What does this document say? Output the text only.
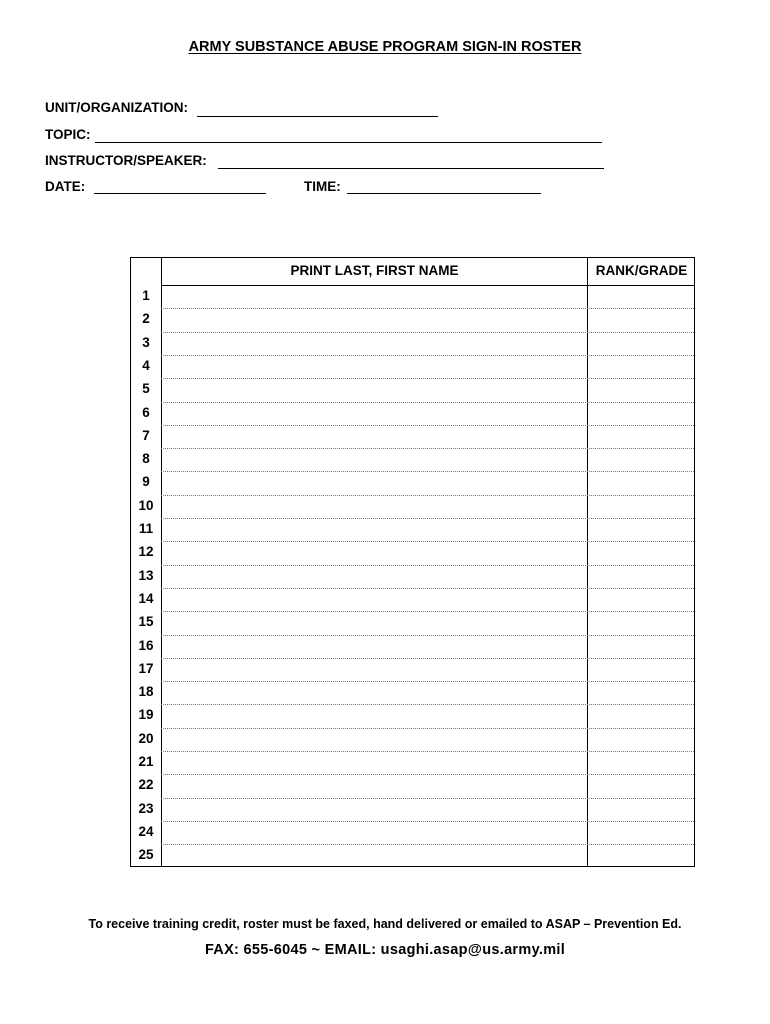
ARMY SUBSTANCE ABUSE PROGRAM SIGN-IN ROSTER
UNIT/ORGANIZATION:
TOPIC:
INSTRUCTOR/SPEAKER:
DATE:	TIME:
PRINT LAST, FIRST NAME	RANK/GRADE
1
2
3
4
5
6
7
8
9
10
11
12
13
14
15
16
17
18
19
20
21
22
23
24
25
To receive training credit, roster must be faxed, hand delivered or emailed to ASAP – Prevention Ed.
FAX: 655-6045 ~ EMAIL: usaghi.asap@us.army.mil
